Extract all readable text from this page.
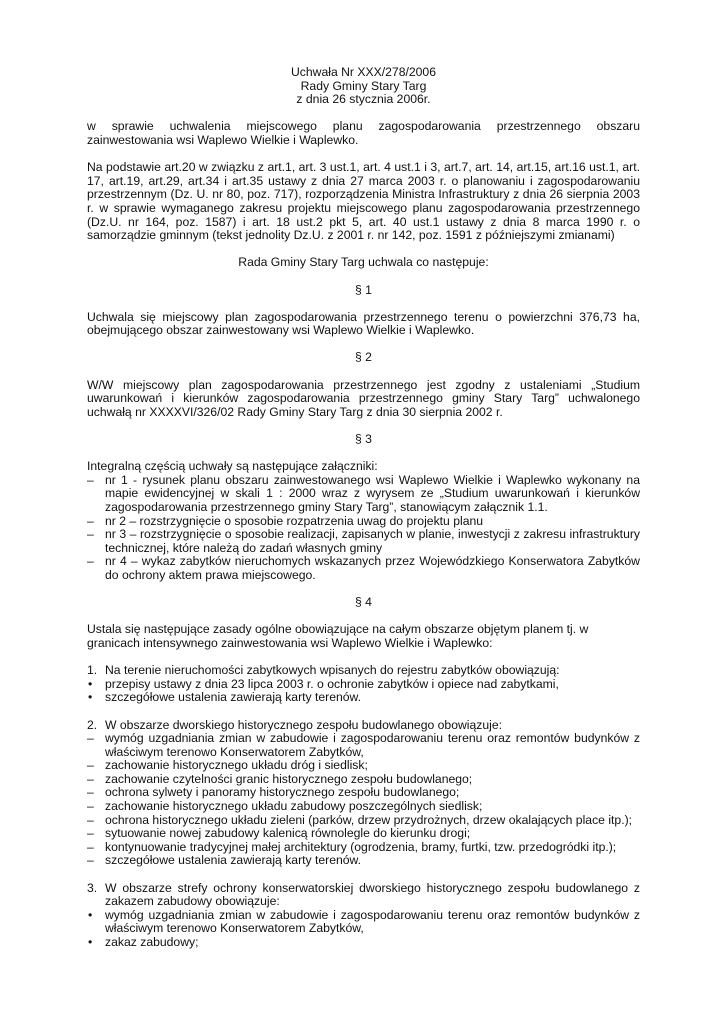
Uchwała Nr XXX/278/2006
Rady Gminy Stary Targ
z dnia 26 stycznia 2006r.

w sprawie uchwalenia miejscowego planu zagospodarowania przestrzennego obszaru zainwestowania wsi Waplewo Wielkie i Waplewko.

Na podstawie art.20 w związku z art.1, art. 3 ust.1, art. 4 ust.1 i 3, art.7, art. 14, art.15, art.16 ust.1, art. 17, art.19, art.29, art.34 i art.35 ustawy z dnia 27 marca 2003 r. o planowaniu i zagospodarowaniu przestrzennym (Dz. U. nr 80, poz. 717), rozporządzenia Ministra Infrastruktury z dnia 26 sierpnia 2003 r. w sprawie wymaganego zakresu projektu miejscowego planu zagospodarowania przestrzennego (Dz.U. nr 164, poz. 1587) i art. 18 ust.2 pkt 5, art. 40 ust.1 ustawy z dnia 8 marca 1990 r. o samorządzie gminnym (tekst jednolity Dz.U. z 2001 r. nr 142, poz. 1591 z późniejszymi zmianami)

Rada Gminy Stary Targ uchwala co następuje:

§ 1

Uchwala się miejscowy plan zagospodarowania przestrzennego terenu o powierzchni 376,73 ha, obejmującego obszar zainwestowany wsi Waplewo Wielkie i Waplewko.

§ 2

W/W miejscowy plan zagospodarowania przestrzennego jest zgodny z ustaleniami „Studium uwarunkowań i kierunków zagospodarowania przestrzennego gminy Stary Targ” uchwalonego uchwałą nr XXXXVI/326/02 Rady Gminy Stary Targ z dnia 30 sierpnia 2002 r.

§ 3

Integralną częścią uchwały są następujące załączniki:

– nr 1 - rysunek planu obszaru zainwestowanego wsi Waplewo Wielkie i Waplewko wykonany na mapie ewidencyjnej w skali 1 : 2000 wraz z wyrysem ze „Studium uwarunkowań i kierunków zagospodarowania przestrzennego gminy Stary Targ”, stanowiącym załącznik 1.1.
– nr 2 – rozstrzygnięcie o sposobie rozpatrzenia uwag do projektu planu
– nr 3 – rozstrzygnięcie o sposobie realizacji, zapisanych w planie, inwestycji z zakresu infrastruktury technicznej, które należą do zadań własnych gminy
– nr 4 – wykaz zabytków nieruchomych wskazanych przez Wojewódzkiego Konserwatora Zabytków do ochrony aktem prawa miejscowego.

§ 4

Ustala się następujące zasady ogólne obowiązujące na całym obszarze objętym planem tj. w granicach intensywnego zainwestowania wsi Waplewo Wielkie i Waplewko:

1. Na terenie nieruchomości zabytkowych wpisanych do rejestru zabytków obowiązują:
• przepisy ustawy z dnia 23 lipca 2003 r. o ochronie zabytków i opiece nad zabytkami,
• szczegółowe ustalenia zawierają karty terenów.
2. W obszarze dworskiego historycznego zespołu budowlanego obowiązuje:
– wymóg uzgadniania zmian w zabudowie i zagospodarowaniu terenu oraz remontów budynków z właściwym terenowo Konserwatorem Zabytków,
– zachowanie historycznego układu dróg i siedlisk;
– zachowanie czytelności granic historycznego zespołu budowlanego;
– ochrona sylwety i panoramy historycznego zespołu budowlanego;
– zachowanie historycznego układu zabudowy poszczególnych siedlisk;
– ochrona historycznego układu zieleni (parków, drzew przydrożnych, drzew okalających place itp.);
– sytuowanie nowej zabudowy kalenicą równolegle do kierunku drogi;
– kontynuowanie tradycyjnej małej architektury (ogrodzenia, bramy, furtki, tzw. przedogródki itp.);
– szczegółowe ustalenia zawierają karty terenów.
3. W obszarze strefy ochrony konserwatorskiej dworskiego historycznego zespołu budowlanego z zakazem zabudowy obowiązuje:
• wymóg uzgadniania zmian w zabudowie i zagospodarowaniu terenu oraz remontów budynków z właściwym terenowo Konserwatorem Zabytków,
• zakaz zabudowy;
